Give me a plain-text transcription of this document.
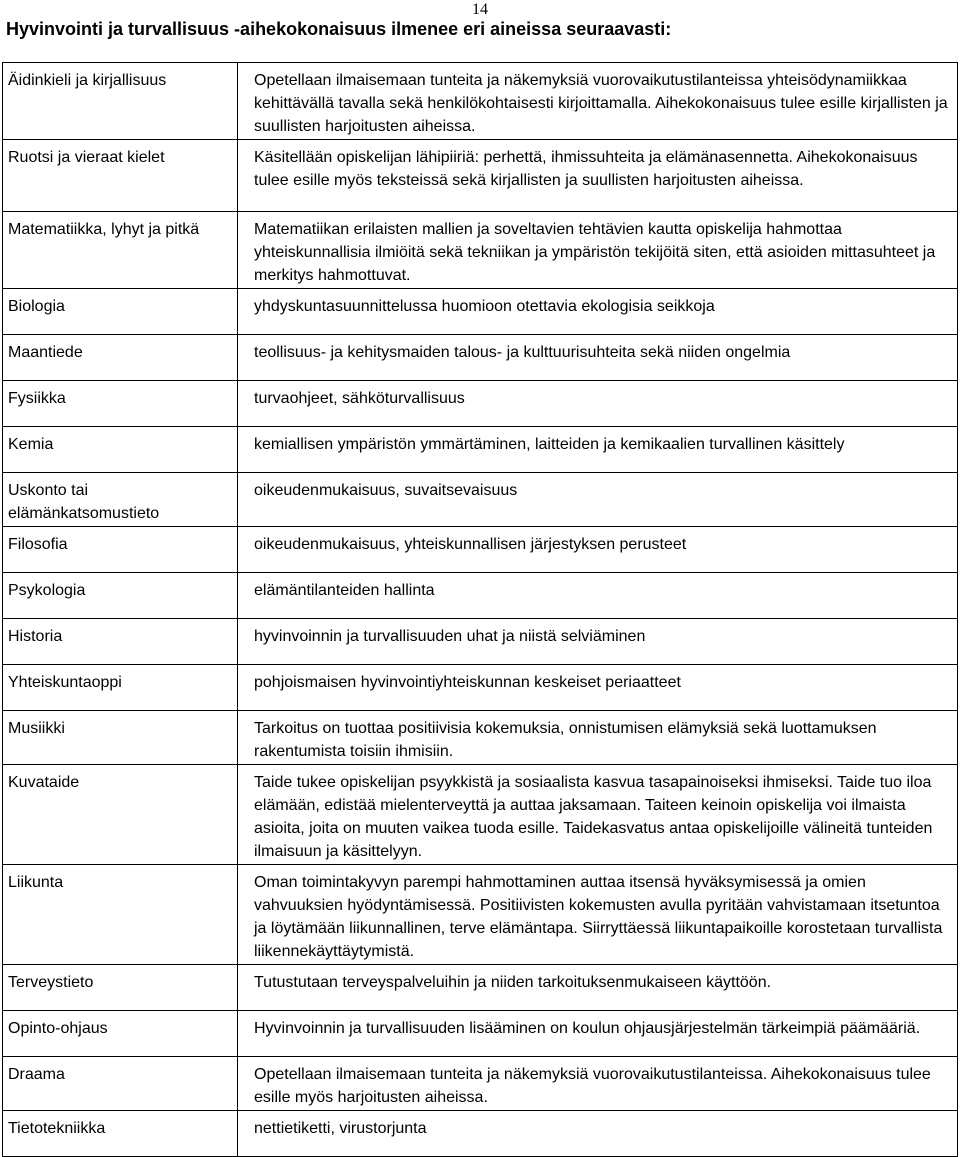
14
Hyvinvointi ja turvallisuus -aihekokonaisuus ilmenee eri aineissa seuraavasti:
Äidinkieli ja kirjallisuus	Opetellaan ilmaisemaan tunteita ja näkemyksiä vuorovaikutustilanteissa yhteisödynamiikkaa kehittävällä tavalla sekä henkilökohtaisesti kirjoittamalla. Aihekokonaisuus tulee esille kirjallisten ja suullisten harjoitusten aiheissa.

Ruotsi ja vieraat kielet	Käsitellään opiskelijan lähipiiriä: perhettä, ihmissuhteita ja elämänasennetta. Aihekokonaisuus tulee esille myös teksteissä sekä kirjallisten ja suullisten harjoitusten aiheissa.

Matematiikka, lyhyt ja pitkä	Matematiikan erilaisten mallien ja soveltavien tehtävien kautta opiskelija hahmottaa yhteiskunnallisia ilmiöitä sekä tekniikan ja ympäristön tekijöitä siten, että asioiden mittasuhteet ja merkitys hahmottuvat.

Biologia	yhdyskuntasuunnittelussa huomioon otettavia ekologisia seikkoja

Maantiede	teollisuus- ja kehitysmaiden talous- ja kulttuurisuhteita sekä niiden ongelmia

Fysiikka	turvaohjeet, sähköturvallisuus

Kemia	kemiallisen ympäristön ymmärtäminen, laitteiden ja kemikaalien turvallinen käsittely

Uskonto tai elämänkatsomustieto	oikeudenmukaisuus, suvaitsevaisuus

Filosofia	oikeudenmukaisuus, yhteiskunnallisen järjestyksen perusteet

Psykologia	elämäntilanteiden hallinta

Historia	hyvinvoinnin ja turvallisuuden uhat ja niistä selviäminen

Yhteiskuntaoppi	pohjoismaisen hyvinvointiyhteiskunnan keskeiset periaatteet

Musiikki	Tarkoitus on tuottaa positiivisia kokemuksia, onnistumisen elämyksiä sekä luottamuksen rakentumista toisiin ihmisiin.

Kuvataide	Taide tukee opiskelijan psyykkistä ja sosiaalista kasvua tasapainoiseksi ihmiseksi. Taide tuo iloa elämään, edistää mielenterveyttä ja auttaa jaksamaan. Taiteen keinoin opiskelija voi ilmaista asioita, joita on muuten vaikea tuoda esille. Taidekasvatus antaa opiskelijoille välineitä tunteiden ilmaisuun ja käsittelyyn.

Liikunta	Oman toimintakyvyn parempi hahmottaminen auttaa itsensä hyväksymisessä ja omien vahvuuksien hyödyntämisessä. Positiivisten kokemusten avulla pyritään vahvistamaan itsetuntoa ja löytämään liikunnallinen, terve elämäntapa. Siirryttäessä liikuntapaikoille korostetaan turvallista liikennekäyttäytymistä.

Terveystieto	Tutustutaan terveyspalveluihin ja niiden tarkoituksenmukaiseen käyttöön.

Opinto-ohjaus	Hyvinvoinnin ja turvallisuuden lisääminen on koulun ohjausjärjestelmän tärkeimpiä päämääriä.

Draama	Opetellaan ilmaisemaan tunteita ja näkemyksiä vuorovaikutustilanteissa. Aihekokonaisuus tulee esille myös harjoitusten aiheissa.

Tietotekniikka	nettietiketti, virustorjunta
